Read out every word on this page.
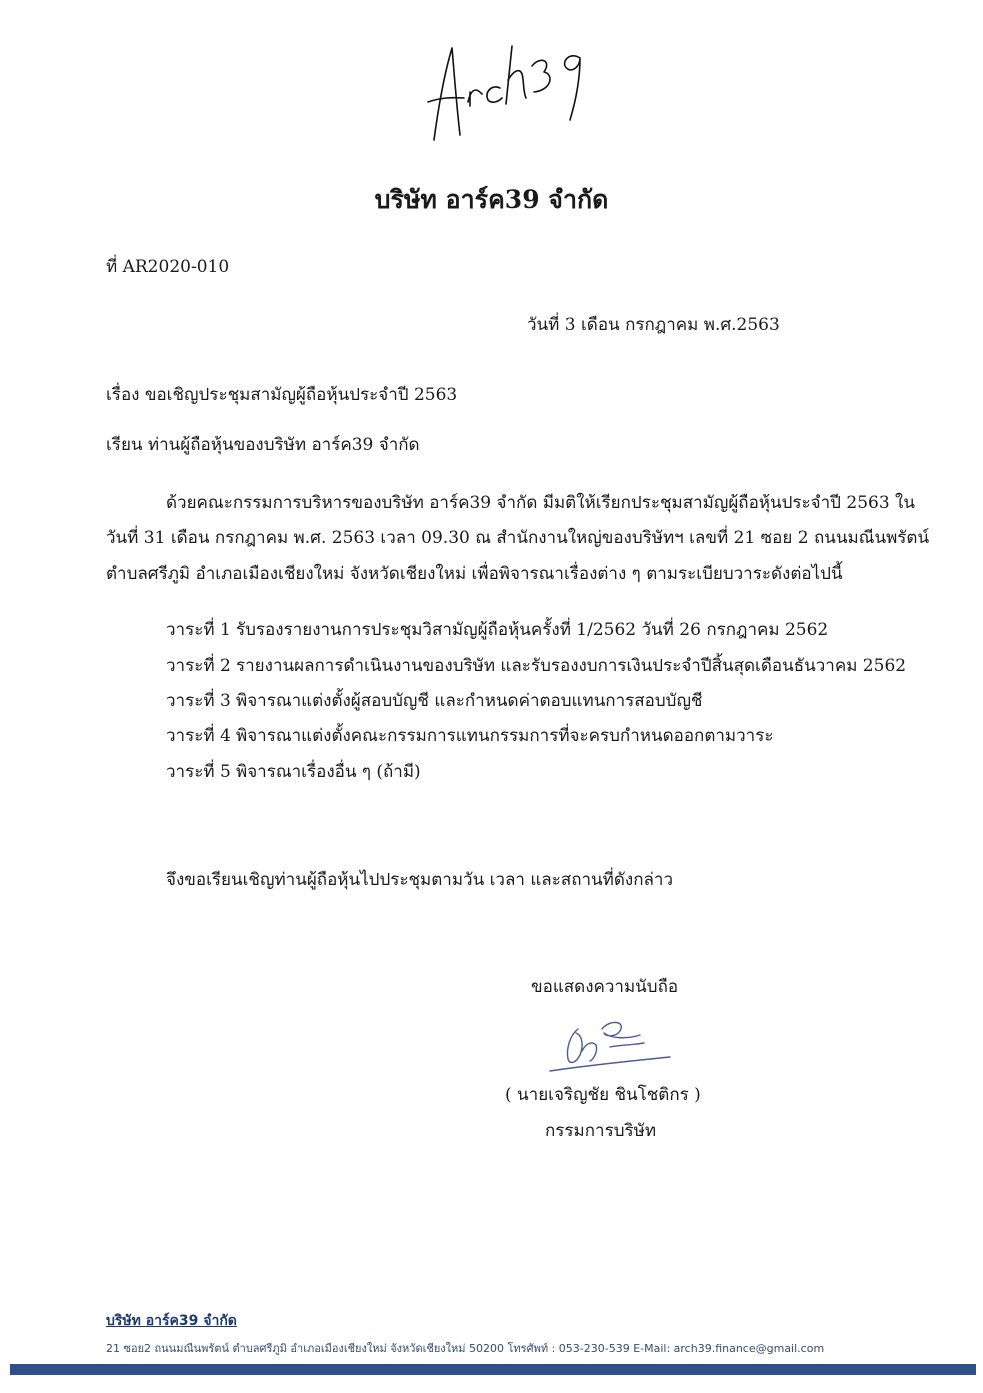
บริษัท อาร์ค39 จำกัด
ที่ AR2020-010
วันที่ 3 เดือน กรกฎาคม พ.ศ.2563
เรื่อง ขอเชิญประชุมสามัญผู้ถือหุ้นประจำปี 2563
เรียน ท่านผู้ถือหุ้นของบริษัท อาร์ค39 จำกัด
ด้วยคณะกรรมการบริหารของบริษัท อาร์ค39 จำกัด มีมติให้เรียกประชุมสามัญผู้ถือหุ้นประจำปี 2563 ใน
วันที่ 31 เดือน กรกฎาคม พ.ศ. 2563 เวลา 09.30 ณ สำนักงานใหญ่ของบริษัทฯ เลขที่ 21 ซอย 2 ถนนมณีนพรัตน์
ตำบลศรีภูมิ อำเภอเมืองเชียงใหม่ จังหวัดเชียงใหม่ เพื่อพิจารณาเรื่องต่าง ๆ ตามระเบียบวาระดังต่อไปนี้
วาระที่ 1 รับรองรายงานการประชุมวิสามัญผู้ถือหุ้นครั้งที่ 1/2562 วันที่ 26 กรกฎาคม 2562
วาระที่ 2 รายงานผลการดำเนินงานของบริษัท และรับรองงบการเงินประจำปีสิ้นสุดเดือนธันวาคม 2562
วาระที่ 3 พิจารณาแต่งตั้งผู้สอบบัญชี และกำหนดค่าตอบแทนการสอบบัญชี
วาระที่ 4 พิจารณาแต่งตั้งคณะกรรมการแทนกรรมการที่จะครบกำหนดออกตามวาระ
วาระที่ 5 พิจารณาเรื่องอื่น ๆ (ถ้ามี)
จึงขอเรียนเชิญท่านผู้ถือหุ้นไปประชุมตามวัน เวลา และสถานที่ดังกล่าว
ขอแสดงความนับถือ
( นายเจริญชัย ชินโชติกร )
กรรมการบริษัท
บริษัท อาร์ค39 จำกัด
21 ซอย2 ถนนมณีนพรัตน์ ตำบลศรีภูมิ อำเภอเมืองเชียงใหม่ จังหวัดเชียงใหม่ 50200 โทรศัพท์ : 053-230-539 E-Mail: arch39.finance@gmail.com
